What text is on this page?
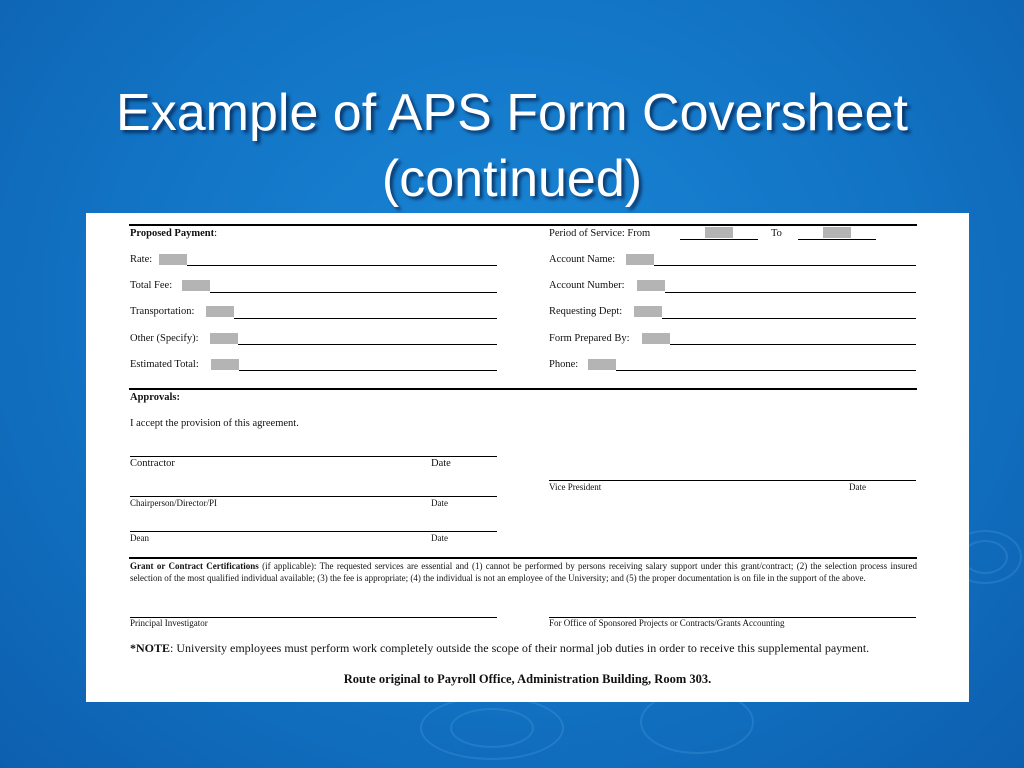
Example of APS Form Coversheet
(continued)
Proposed Payment:
Rate:
Total Fee:
Transportation:
Other (Specify):
Estimated Total:
Period of Service: From	To
Account Name:
Account Number:
Requesting Dept:
Form Prepared By:
Phone:
Approvals:
I accept the provision of this agreement.
Contractor	Date
Chairperson/Director/PI	Date
Dean	Date
Vice President	Date
Grant or Contract Certifications (if applicable): The requested services are essential and (1) cannot be performed by persons receiving salary support under this grant/contract; (2) the selection process insured selection of the most qualified individual available; (3) the fee is appropriate; (4) the individual is not an employee of the University; and (5) the proper documentation is on file in the support of the above.
Principal Investigator	For Office of Sponsored Projects or Contracts/Grants Accounting
*NOTE: University employees must perform work completely outside the scope of their normal job duties in order to receive this supplemental payment.
Route original to Payroll Office, Administration Building, Room 303.
